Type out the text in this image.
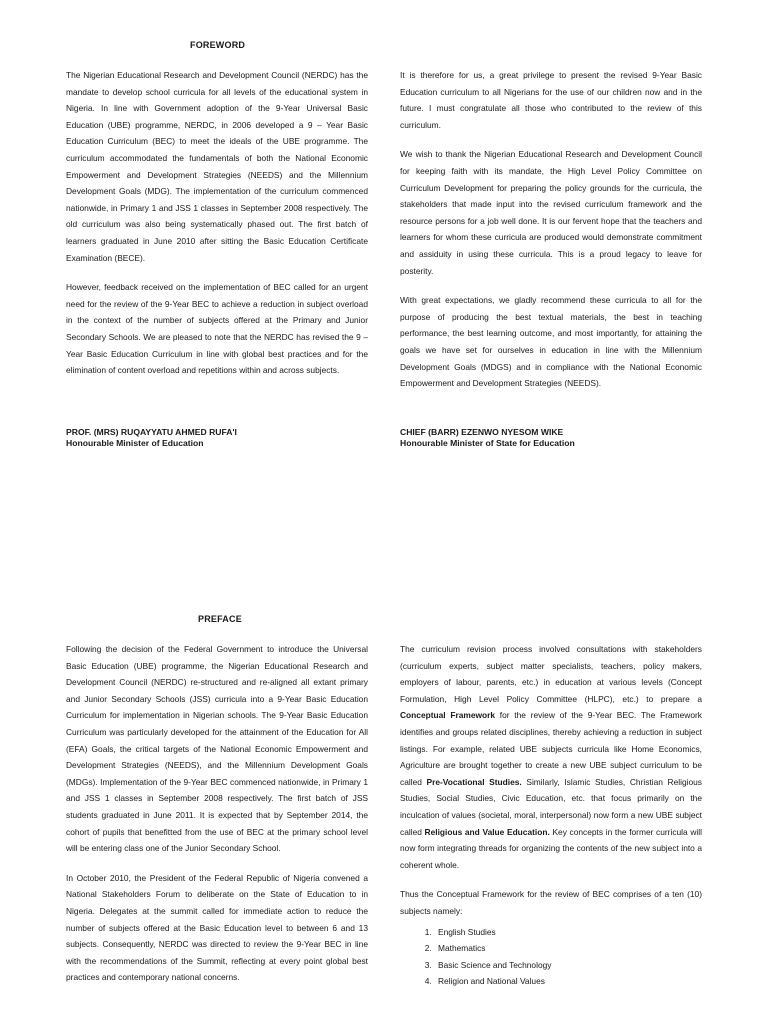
FOREWORD

The Nigerian Educational Research and Development Council (NERDC) has the mandate to develop school curricula for all levels of the educational system in Nigeria. In line with Government adoption of the 9-Year Universal Basic Education (UBE) programme, NERDC, in 2006 developed a 9 – Year Basic Education Curriculum (BEC) to meet the ideals of the UBE programme. The curriculum accommodated the fundamentals of both the National Economic Empowerment and Development Strategies (NEEDS) and the Millennium Development Goals (MDG). The implementation of the curriculum commenced nationwide, in Primary 1 and JSS 1 classes in September 2008 respectively. The old curriculum was also being systematically phased out. The first batch of learners graduated in June 2010 after sitting the Basic Education Certificate Examination (BECE).

However, feedback received on the implementation of BEC called for an urgent need for the review of the 9-Year BEC to achieve a reduction in subject overload in the context of the number of subjects offered at the Primary and Junior Secondary Schools. We are pleased to note that the NERDC has revised the 9 – Year Basic Education Curriculum in line with global best practices and for the elimination of content overload and repetitions within and across subjects.

It is therefore for us, a great privilege to present the revised 9-Year Basic Education curriculum to all Nigerians for the use of our children now and in the future. I must congratulate all those who contributed to the review of this curriculum.

We wish to thank the Nigerian Educational Research and Development Council for keeping faith with its mandate, the High Level Policy Committee on Curriculum Development for preparing the policy grounds for the curricula, the stakeholders that made input into the revised curriculum framework and the resource persons for a job well done. It is our fervent hope that the teachers and learners for whom these curricula are produced would demonstrate commitment and assiduity in using these curricula. This is a proud legacy to leave for posterity.

With great expectations, we gladly recommend these curricula to all for the purpose of producing the best textual materials, the best in teaching performance, the best learning outcome, and most importantly, for attaining the goals we have set for ourselves in education in line with the Millennium Development Goals (MDGS) and in compliance with the National Economic Empowerment and Development Strategies (NEEDS).

PROF. (MRS) RUQAYYATU AHMED RUFA'I
Honourable Minister of Education
CHIEF (BARR) EZENWO NYESOM WIKE
Honourable Minister of State for Education
PREFACE

Following the decision of the Federal Government to introduce the Universal Basic Education (UBE) programme, the Nigerian Educational Research and Development Council (NERDC) re-structured and re-aligned all extant primary and Junior Secondary Schools (JSS) curricula into a 9-Year Basic Education Curriculum for implementation in Nigerian schools. The 9-Year Basic Education Curriculum was particularly developed for the attainment of the Education for All (EFA) Goals, the critical targets of the National Economic Empowerment and Development Strategies (NEEDS), and the Millennium Development Goals (MDGs). Implementation of the 9-Year BEC commenced nationwide, in Primary 1 and JSS 1 classes in September 2008 respectively. The first batch of JSS students graduated in June 2011. It is expected that by September 2014, the cohort of pupils that benefitted from the use of BEC at the primary school level will be entering class one of the Junior Secondary School.

In October 2010, the President of the Federal Republic of Nigeria convened a National Stakeholders Forum to deliberate on the State of Education to in Nigeria. Delegates at the summit called for immediate action to reduce the number of subjects offered at the Basic Education level to between 6 and 13 subjects. Consequently, NERDC was directed to review the 9-Year BEC in line with the recommendations of the Summit, reflecting at every point global best practices and contemporary national concerns.

The curriculum revision process involved consultations with stakeholders (curriculum experts, subject matter specialists, teachers, policy makers, employers of labour, parents, etc.) in education at various levels (Concept Formulation, High Level Policy Committee (HLPC), etc.) to prepare a Conceptual Framework for the review of the 9-Year BEC. The Framework identifies and groups related disciplines, thereby achieving a reduction in subject listings. For example, related UBE subjects curricula like Home Economics, Agriculture are brought together to create a new UBE subject curriculum to be called Pre-Vocational Studies. Similarly, Islamic Studies, Christian Religious Studies, Social Studies, Civic Education, etc. that focus primarily on the inculcation of values (societal, moral, interpersonal) now form a new UBE subject called Religious and Value Education. Key concepts in the former curricula will now form integrating threads for organizing the contents of the new subject into a coherent whole.

Thus the Conceptual Framework for the review of BEC comprises of a ten (10) subjects namely:

1. English Studies
2. Mathematics
3. Basic Science and Technology
4. Religion and National Values
